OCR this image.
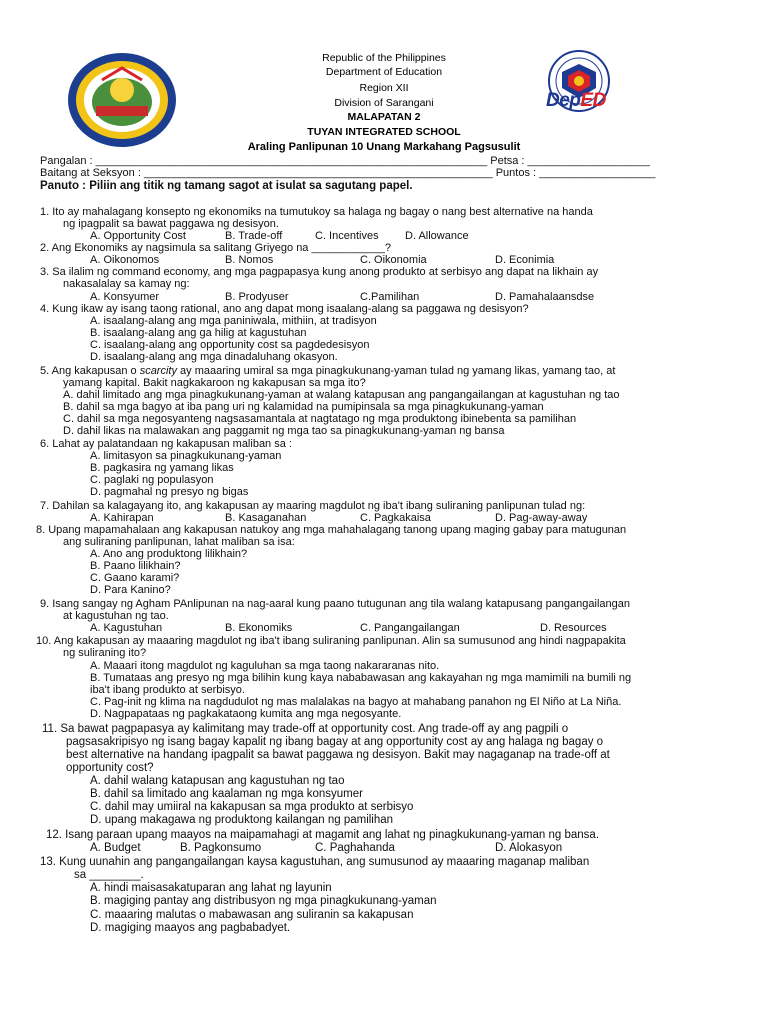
DepED
Republic of the Philippines
Department of Education
Region XII
Division of Sarangani
MALAPATAN 2
TUYAN INTEGRATED SCHOOL
Araling Panlipunan 10 Unang Markahang Pagsusulit
Pangalan : ________________________________________________________________ Petsa : ____________________
Baitang at Seksyon : _________________________________________________________ Puntos : ___________________
Panuto : Piliin ang titik ng tamang sagot at isulat sa sagutang papel.
1. Ito ay mahalagang konsepto ng ekonomiks na tumutukoy sa halaga ng bagay o nang best alternative na handa
ng ipagpalit sa bawat paggawa ng desisyon.
A. Opportunity Cost	B. Trade-off	C. Incentives D. Allowance
2. Ang Ekonomiks ay nagsimula sa salitang Griyego na ____________?
A. Oikonomos	B. Nomos	C. Oikonomia	D. Econimia
3. Sa ilalim ng command economy, ang mga pagpapasya kung anong produkto at serbisyo ang dapat na likhain ay
nakasalalay sa kamay ng:
A. Konsyumer	B. Prodyuser	C.Pamilihan	D. Pamahalaansdse
4. Kung ikaw ay isang taong rational, ano ang dapat mong isaalang-alang sa paggawa ng desisyon?
A. isaalang-alang ang mga paniniwala, mithiin, at tradisyon
B. isaalang-alang ang ga hilig at kagustuhan
C. isaalang-alang ang opportunity cost sa pagdedesisyon
D. isaalang-alang ang mga dinadaluhang okasyon.
5. Ang kakapusan o scarcity ay maaaring umiral sa mga pinagkukunang-yaman tulad ng yamang likas, yamang tao, at
yamang kapital. Bakit nagkakaroon ng kakapusan sa mga ito?
A. dahil limitado ang mga pinagkukunang-yaman at walang katapusan ang pangangailangan at kagustuhan ng tao
B. dahil sa mga bagyo at iba pang uri ng kalamidad na pumipinsala sa mga pinagkukunang-yaman
C. dahil sa mga negosyanteng nagsasamantala at nagtatago ng mga produktong ibinebenta sa pamilihan
D. dahil likas na malawakan ang paggamit ng mga tao sa pinagkukunang-yaman ng bansa
6. Lahat ay palatandaan ng kakapusan maliban sa :
A. limitasyon sa pinagkukunang-yaman
B. pagkasira ng yamang likas
C. paglaki ng populasyon
D. pagmahal ng presyo ng bigas
7. Dahilan sa kalagayang ito, ang kakapusan ay maaring magdulot ng iba't ibang suliraning panlipunan tulad ng:
A. Kahirapan	B. Kasaganahan	C. Pagkakaisa	D. Pag-away-away
8. Upang mapamahalaan ang kakapusan natukoy ang mga mahahalagang tanong upang maging gabay para matugunan
ang suliraning panlipunan, lahat maliban sa isa:
A. Ano ang produktong lilikhain?
B. Paano lilikhain?
C. Gaano karami?
D. Para Kanino?
9. Isang sangay ng Agham PAnlipunan na nag-aaral kung paano tutugunan ang tila walang katapusang pangangailangan
at kagustuhan ng tao.
A. Kagustuhan	B. Ekonomiks	C. Pangangailangan	D. Resources
10. Ang kakapusan ay maaaring magdulot ng iba't ibang suliraning panlipunan. Alin sa sumusunod ang hindi nagpapakita
ng suliraning ito?
A. Maaari itong magdulot ng kaguluhan sa mga taong nakararanas nito.
B. Tumataas ang presyo ng mga bilihin kung kaya nababawasan ang kakayahan ng mga mamimili na bumili ng
iba't ibang produkto at serbisyo.
C. Pag-init ng klima na nagdudulot ng mas malalakas na bagyo at mahabang panahon ng El Niño at La Niña.
D. Nagpapataas ng pagkakataong kumita ang mga negosyante.
11. Sa bawat pagpapasya ay kalimitang may trade-off at opportunity cost. Ang trade-off ay ang pagpili o
pagsasakripisyo ng isang bagay kapalit ng ibang bagay at ang opportunity cost ay ang halaga ng bagay o
best alternative na handang ipagpalit sa bawat paggawa ng desisyon. Bakit may nagaganap na trade-off at
opportunity cost?
A. dahil walang katapusan ang kagustuhan ng tao
B. dahil sa limitado ang kaalaman ng mga konsyumer
C. dahil may umiiral na kakapusan sa mga produkto at serbisyo
D. upang makagawa ng produktong kailangan ng pamilihan
12. Isang paraan upang maayos na maipamahagi at magamit ang lahat ng pinagkukunang-yaman ng bansa.
A. Budget	B. Pagkonsumo	C. Paghahanda	D. Alokasyon
13. Kung uunahin ang pangangailangan kaysa kagustuhan, ang sumusunod ay maaaring maganap maliban
sa ________.
A. hindi maisasakatuparan ang lahat ng layunin
B. magiging pantay ang distribusyon ng mga pinagkukunang-yaman
C. maaaring malutas o mabawasan ang suliranin sa kakapusan
D. magiging maayos ang pagbabadyet.
